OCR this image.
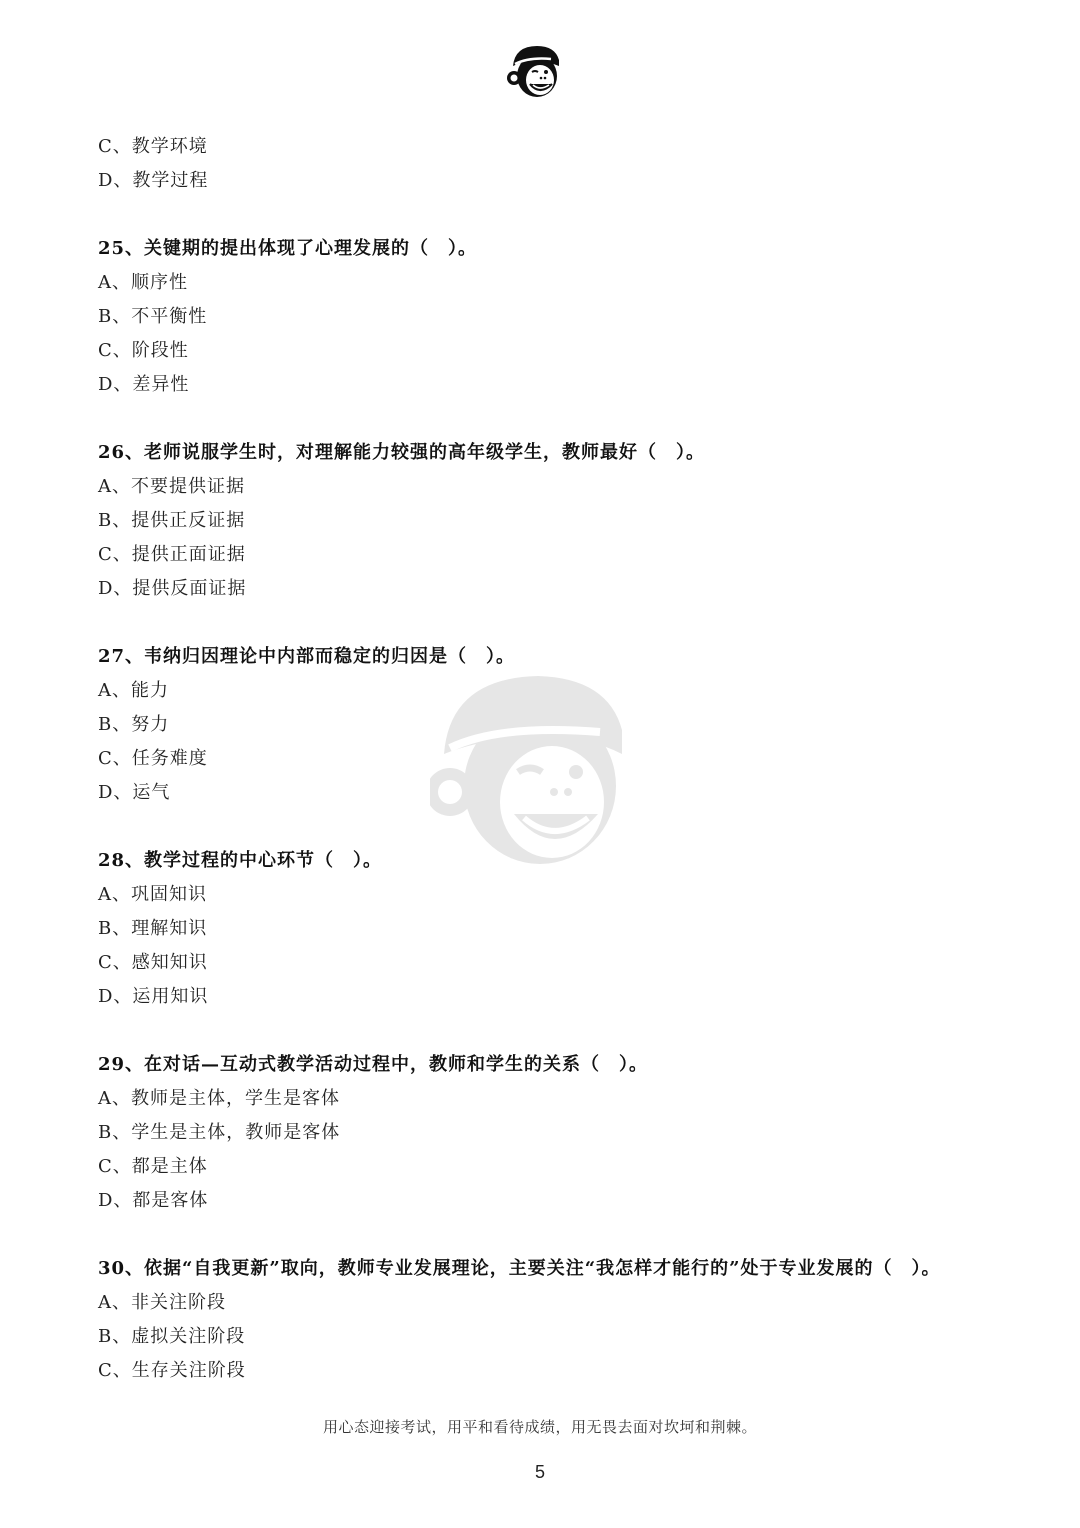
C、教学环境
D、教学过程
25、关键期的提出体现了心理发展的（　）。
A、顺序性
B、不平衡性
C、阶段性
D、差异性
26、老师说服学生时，对理解能力较强的高年级学生，教师最好（　）。
A、不要提供证据
B、提供正反证据
C、提供正面证据
D、提供反面证据
27、韦纳归因理论中内部而稳定的归因是（　）。
A、能力
B、努力
C、任务难度
D、运气
28、教学过程的中心环节（　）。
A、巩固知识
B、理解知识
C、感知知识
D、运用知识
29、在对话—互动式教学活动过程中，教师和学生的关系（　）。
A、教师是主体，学生是客体
B、学生是主体，教师是客体
C、都是主体
D、都是客体
30、依据“自我更新”取向，教师专业发展理论，主要关注“我怎样才能行的”处于专业发展的（　）。
A、非关注阶段
B、虚拟关注阶段
C、生存关注阶段
用心态迎接考试，用平和看待成绩，用无畏去面对坎坷和荆棘。
5
